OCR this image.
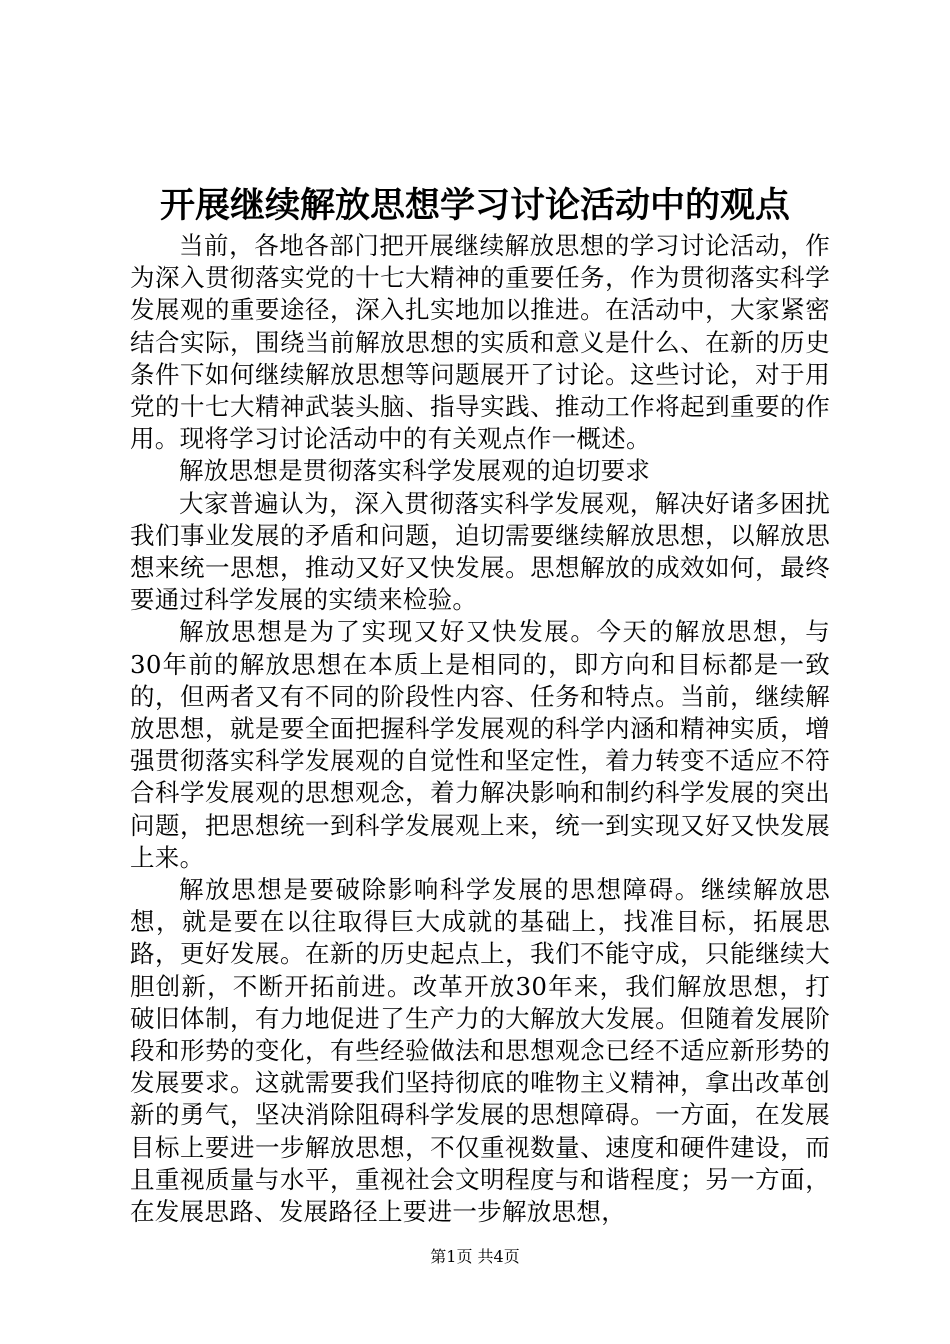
开展继续解放思想学习讨论活动中的观点

当前，各地各部门把开展继续解放思想的学习讨论活动，作为深入贯彻落实党的十七大精神的重要任务，作为贯彻落实科学发展观的重要途径，深入扎实地加以推进。在活动中，大家紧密结合实际，围绕当前解放思想的实质和意义是什么、在新的历史条件下如何继续解放思想等问题展开了讨论。这些讨论，对于用党的十七大精神武装头脑、指导实践、推动工作将起到重要的作用。现将学习讨论活动中的有关观点作一概述。

解放思想是贯彻落实科学发展观的迫切要求

大家普遍认为，深入贯彻落实科学发展观，解决好诸多困扰我们事业发展的矛盾和问题，迫切需要继续解放思想，以解放思想来统一思想，推动又好又快发展。思想解放的成效如何，最终要通过科学发展的实绩来检验。

解放思想是为了实现又好又快发展。今天的解放思想，与30年前的解放思想在本质上是相同的，即方向和目标都是一致的，但两者又有不同的阶段性内容、任务和特点。当前，继续解放思想，就是要全面把握科学发展观的科学内涵和精神实质，增强贯彻落实科学发展观的自觉性和坚定性，着力转变不适应不符合科学发展观的思想观念，着力解决影响和制约科学发展的突出问题，把思想统一到科学发展观上来，统一到实现又好又快发展上来。

解放思想是要破除影响科学发展的思想障碍。继续解放思想，就是要在以往取得巨大成就的基础上，找准目标，拓展思路，更好发展。在新的历史起点上，我们不能守成，只能继续大胆创新，不断开拓前进。改革开放30年来，我们解放思想，打破旧体制，有力地促进了生产力的大解放大发展。但随着发展阶段和形势的变化，有些经验做法和思想观念已经不适应新形势的发展要求。这就需要我们坚持彻底的唯物主义精神，拿出改革创新的勇气，坚决消除阻碍科学发展的思想障碍。一方面，在发展目标上要进一步解放思想，不仅重视数量、速度和硬件建设，而且重视质量与水平，重视社会文明程度与和谐程度；另一方面，在发展思路、发展路径上要进一步解放思想，

第1页 共4页
